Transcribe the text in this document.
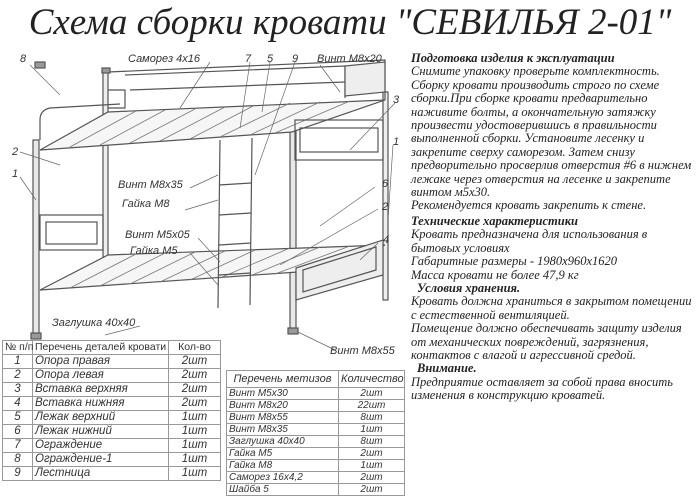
Схема сборки кровати "СЕВИЛЬЯ 2-01"
8	Саморез 4х16	7 5 9 Винт М8х20
3
2
1
Винт М8х35
Гайка М8
6
Винт М5х05
Гайка М5
2
4
1
Заглушка 40х40
Винт М8х55

Подготовка изделия к эксплуатации

Снимите упаковку проверьте комплектность. Сборку кровати производить строго по схеме сборки.При сборке кровати предварительно наживите болты, а окончательную затяжку произвести удостоверившись в правильности выполненной сборки. Установите лесенку и закрепите сверху саморезом. Затем снизу предворительно просверлив отверстия #6 в нижнем лежаке через отверстия на лесенке и закрепите винтом м5х30.

Рекомендуется кровать закрепить к стене.

Технические характеристики

Кровать предназначена для использования в бытовых условиях

Габаритные размеры - 1980х960х1620

Масса кровати не более 47,9 кг

Условия хранения.

Кровать должна храниться в закрытом помещении с естественной вентиляцией.

Помещение должно обеспечивать защиту изделия от механических повреждений, загрязнения, контактов с влагой и агрессивной средой.

Внимание.

Предприятие оставляет за собой права вносить изменения в конструкцию кроватей.

№ п/п	Перечень деталей кровати	Кол-во
1	Опора правая	2шт
2	Опора левая	2шт
3	Вставка верхняя	2шт
4	Вставка нижняя	2шт
5	Лежак верхний	1шт
6	Лежак нижний	1шт
7	Ограждение	1шт
8	Ограждение-1	1шт
9	Лестница	1шт
Перечень метизов	Количество
Винт М5х30	2шт
Винт М8х20	22шт
Винт М8х55	8шт
Винт М8х35	1шт
Заглушка 40х40	8шт
Гайка М5	2шт
Гайка М8	1шт
Саморез 16х4,2	2шт
Шайба 5	2шт
